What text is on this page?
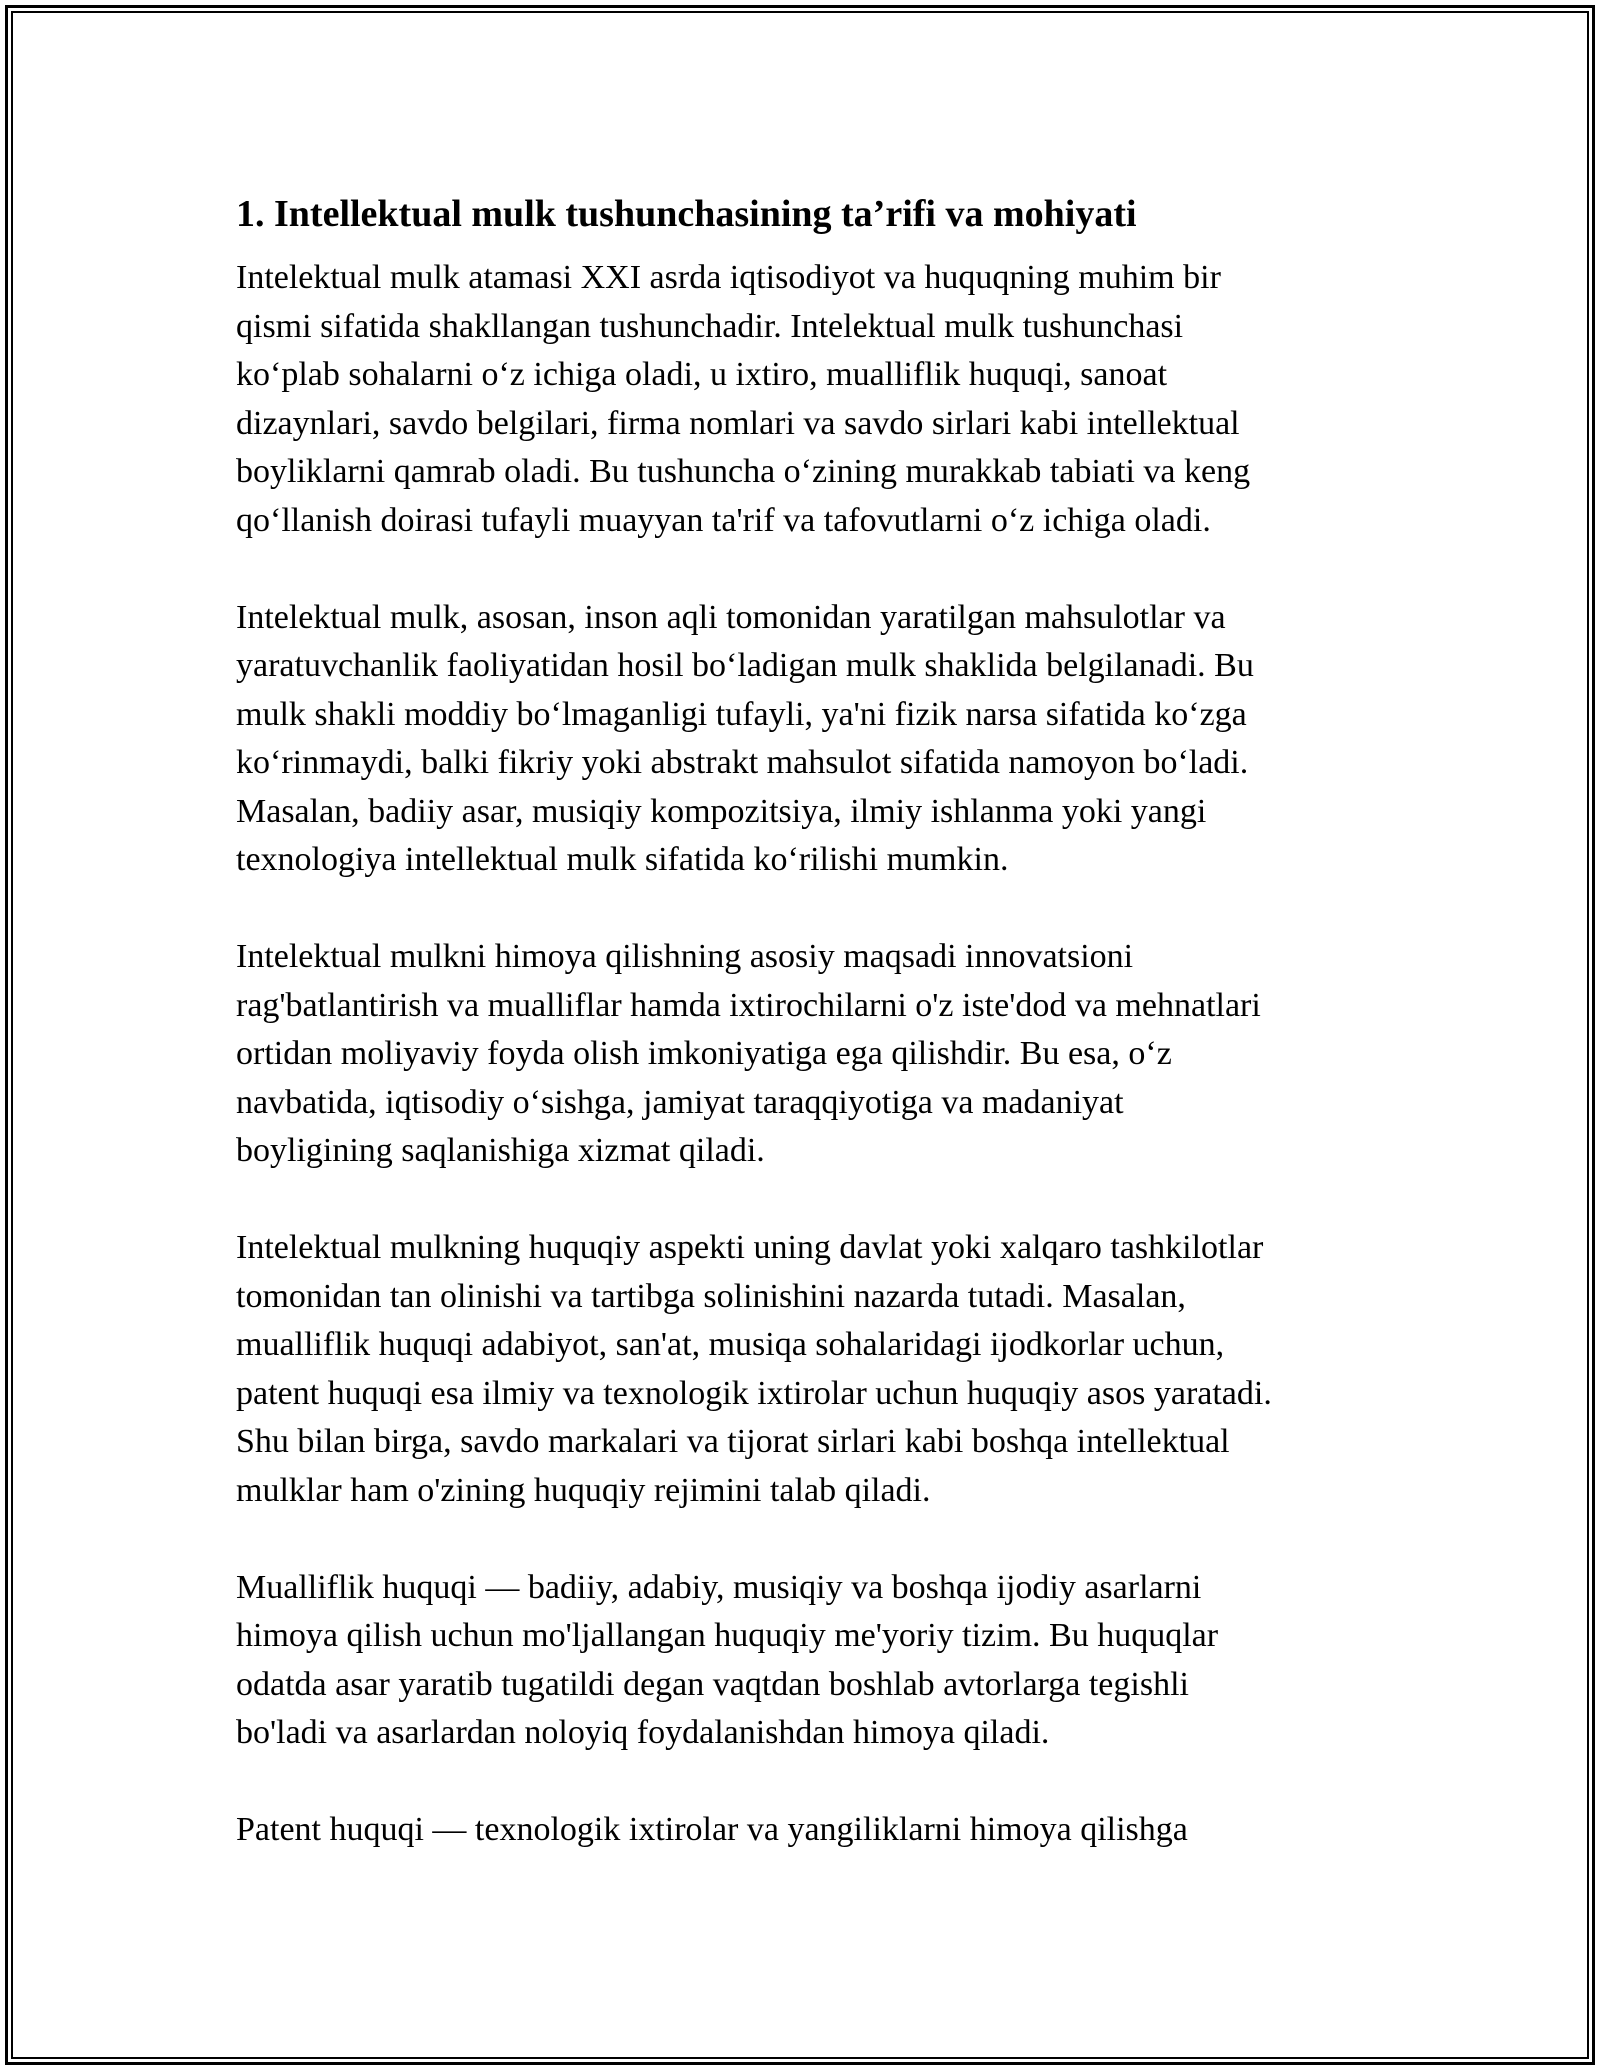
1. Intellektual mulk tushunchasining ta’rifi va mohiyati
Intelektual mulk atamasi XXI asrda iqtisodiyot va huquqning muhim bir
qismi sifatida shakllangan tushunchadir. Intelektual mulk tushunchasi
ko‘plab sohalarni o‘z ichiga oladi, u ixtiro, mualliflik huquqi, sanoat
dizaynlari, savdo belgilari, firma nomlari va savdo sirlari kabi intellektual
boyliklarni qamrab oladi. Bu tushuncha o‘zining murakkab tabiati va keng
qo‘llanish doirasi tufayli muayyan ta'rif va tafovutlarni o‘z ichiga oladi.
Intelektual mulk, asosan, inson aqli tomonidan yaratilgan mahsulotlar va
yaratuvchanlik faoliyatidan hosil bo‘ladigan mulk shaklida belgilanadi. Bu
mulk shakli moddiy bo‘lmaganligi tufayli, ya'ni fizik narsa sifatida ko‘zga
ko‘rinmaydi, balki fikriy yoki abstrakt mahsulot sifatida namoyon bo‘ladi.
Masalan, badiiy asar, musiqiy kompozitsiya, ilmiy ishlanma yoki yangi
texnologiya intellektual mulk sifatida ko‘rilishi mumkin.
Intelektual mulkni himoya qilishning asosiy maqsadi innovatsioni
rag'batlantirish va mualliflar hamda ixtirochilarni o'z iste'dod va mehnatlari
ortidan moliyaviy foyda olish imkoniyatiga ega qilishdir. Bu esa, o‘z
navbatida, iqtisodiy o‘sishga, jamiyat taraqqiyotiga va madaniyat
boyligining saqlanishiga xizmat qiladi.
Intelektual mulkning huquqiy aspekti uning davlat yoki xalqaro tashkilotlar
tomonidan tan olinishi va tartibga solinishini nazarda tutadi. Masalan,
mualliflik huquqi adabiyot, san'at, musiqa sohalaridagi ijodkorlar uchun,
patent huquqi esa ilmiy va texnologik ixtirolar uchun huquqiy asos yaratadi.
Shu bilan birga, savdo markalari va tijorat sirlari kabi boshqa intellektual
mulklar ham o'zining huquqiy rejimini talab qiladi.
Mualliflik huquqi — badiiy, adabiy, musiqiy va boshqa ijodiy asarlarni
himoya qilish uchun mo'ljallangan huquqiy me'yoriy tizim. Bu huquqlar
odatda asar yaratib tugatildi degan vaqtdan boshlab avtorlarga tegishli
bo'ladi va asarlardan noloyiq foydalanishdan himoya qiladi.
Patent huquqi — texnologik ixtirolar va yangiliklarni himoya qilishga
